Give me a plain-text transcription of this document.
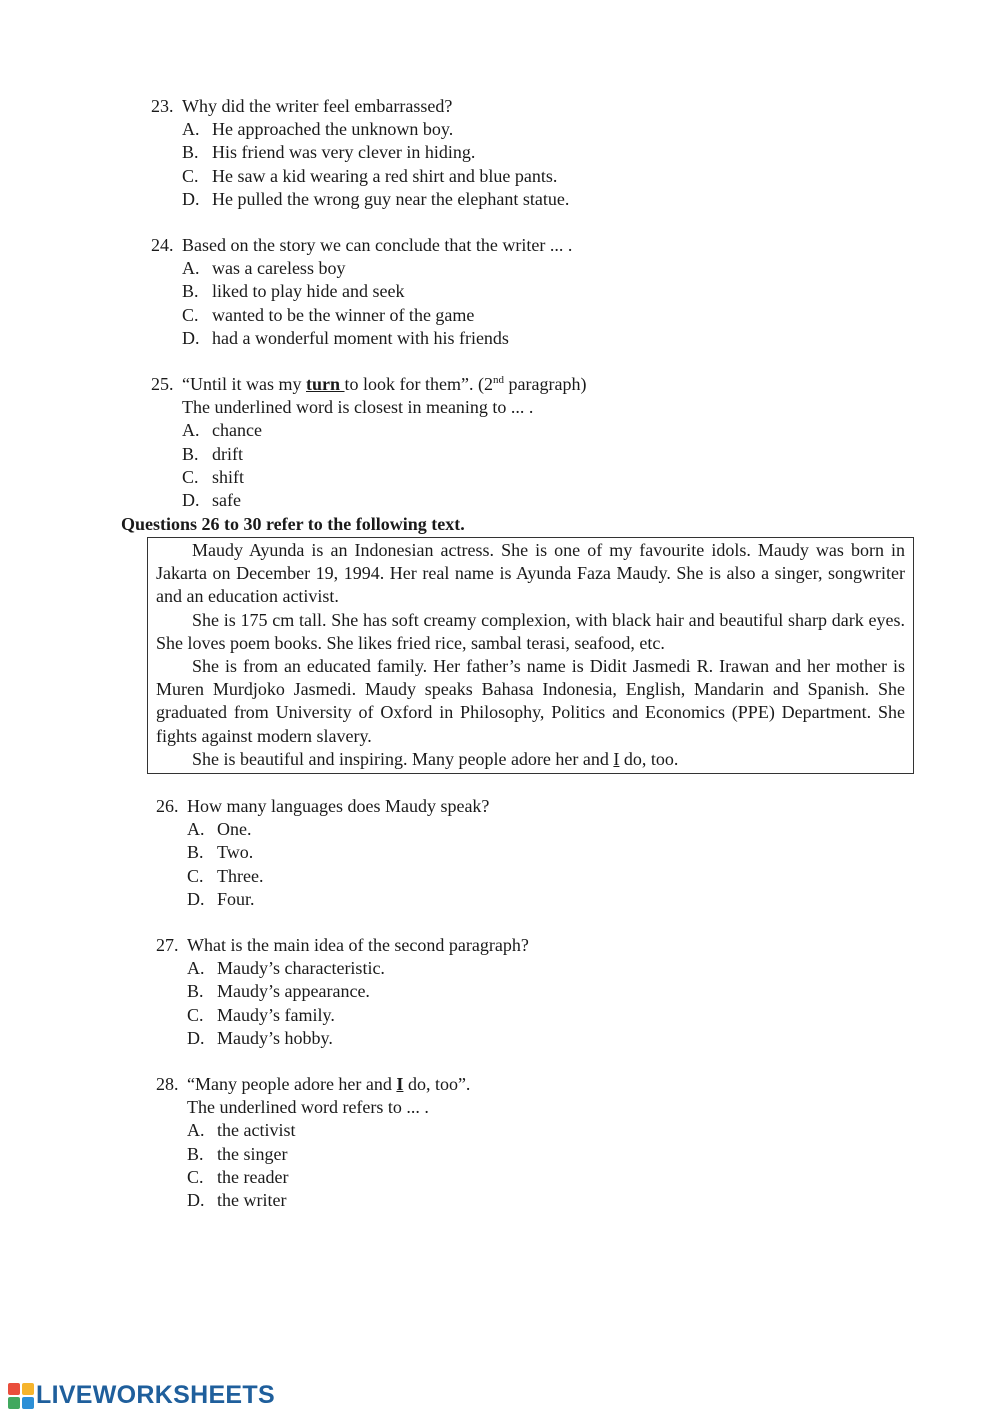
23. Why did the writer feel embarrassed?
A. He approached the unknown boy.
B. His friend was very clever in hiding.
C. He saw a kid wearing a red shirt and blue pants.
D. He pulled the wrong guy near the elephant statue.
24. Based on the story we can conclude that the writer ... .
A. was a careless boy
B. liked to play hide and seek
C. wanted to be the winner of the game
D. had a wonderful moment with his friends
25. “Until it was my turn to look for them”. (2nd paragraph)
The underlined word is closest in meaning to ... .
A. chance
B. drift
C. shift
D. safe
Questions 26 to 30 refer to the following text.

Maudy Ayunda is an Indonesian actress. She is one of my favourite idols. Maudy was born in Jakarta on December 19, 1994. Her real name is Ayunda Faza Maudy. She is also a singer, songwriter and an education activist.

She is 175 cm tall. She has soft creamy complexion, with black hair and beautiful sharp dark eyes. She loves poem books. She likes fried rice, sambal terasi, seafood, etc.

She is from an educated family. Her father’s name is Didit Jasmedi R. Irawan and her mother is Muren Murdjoko Jasmedi. Maudy speaks Bahasa Indonesia, English, Mandarin and Spanish. She graduated from University of Oxford in Philosophy, Politics and Economics (PPE) Department. She fights against modern slavery.

She is beautiful and inspiring. Many people adore her and I do, too.

26. How many languages does Maudy speak?
A. One.
B. Two.
C. Three.
D. Four.
27. What is the main idea of the second paragraph?
A. Maudy’s characteristic.
B. Maudy’s appearance.
C. Maudy’s family.
D. Maudy’s hobby.
28. “Many people adore her and I do, too”.
The underlined word refers to ... .
A. the activist
B. the singer
C. the reader
D. the writer
LIVEWORKSHEETS
